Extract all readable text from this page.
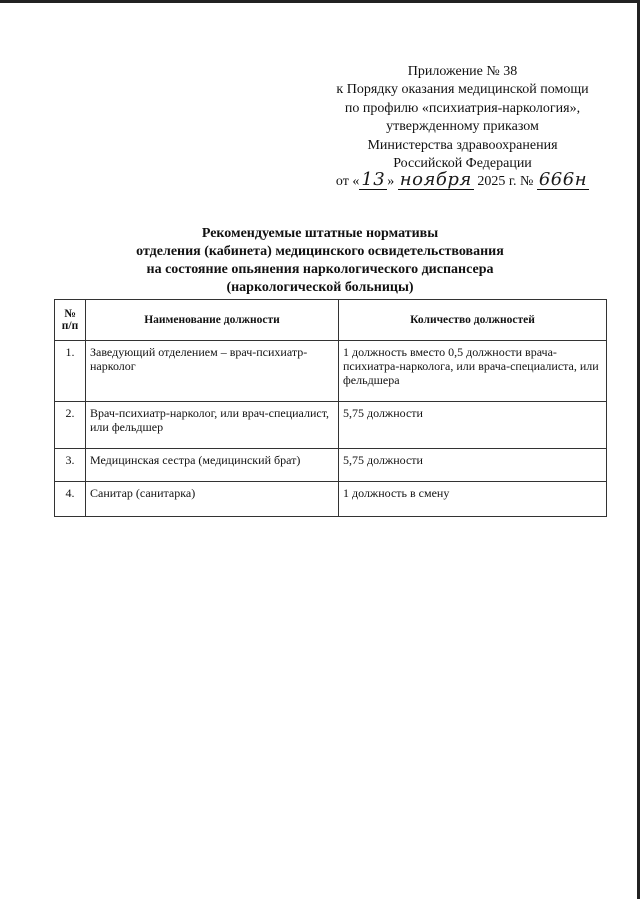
Приложение № 38
к Порядку оказания медицинской помощи
по профилю «психиатрия-наркология»,
утвержденному приказом
Министерства здравоохранения
Российской Федерации
от « 13 » ноября 2025 г. № 666н
Рекомендуемые штатные нормативы
отделения (кабинета) медицинского освидетельствования
на состояние опьянения наркологического диспансера
(наркологической больницы)
№ п/п	Наименование должности	Количество должностей
1.	Заведующий отделением – врач-психиатр-нарколог	1 должность вместо 0,5 должности врача-психиатра-нарколога, или врача-специалиста, или фельдшера
2.	Врач-психиатр-нарколог, или врач-специалист, или фельдшер	5,75 должности
3.	Медицинская сестра (медицинский брат)	5,75 должности
4.	Санитар (санитарка)	1 должность в смену
